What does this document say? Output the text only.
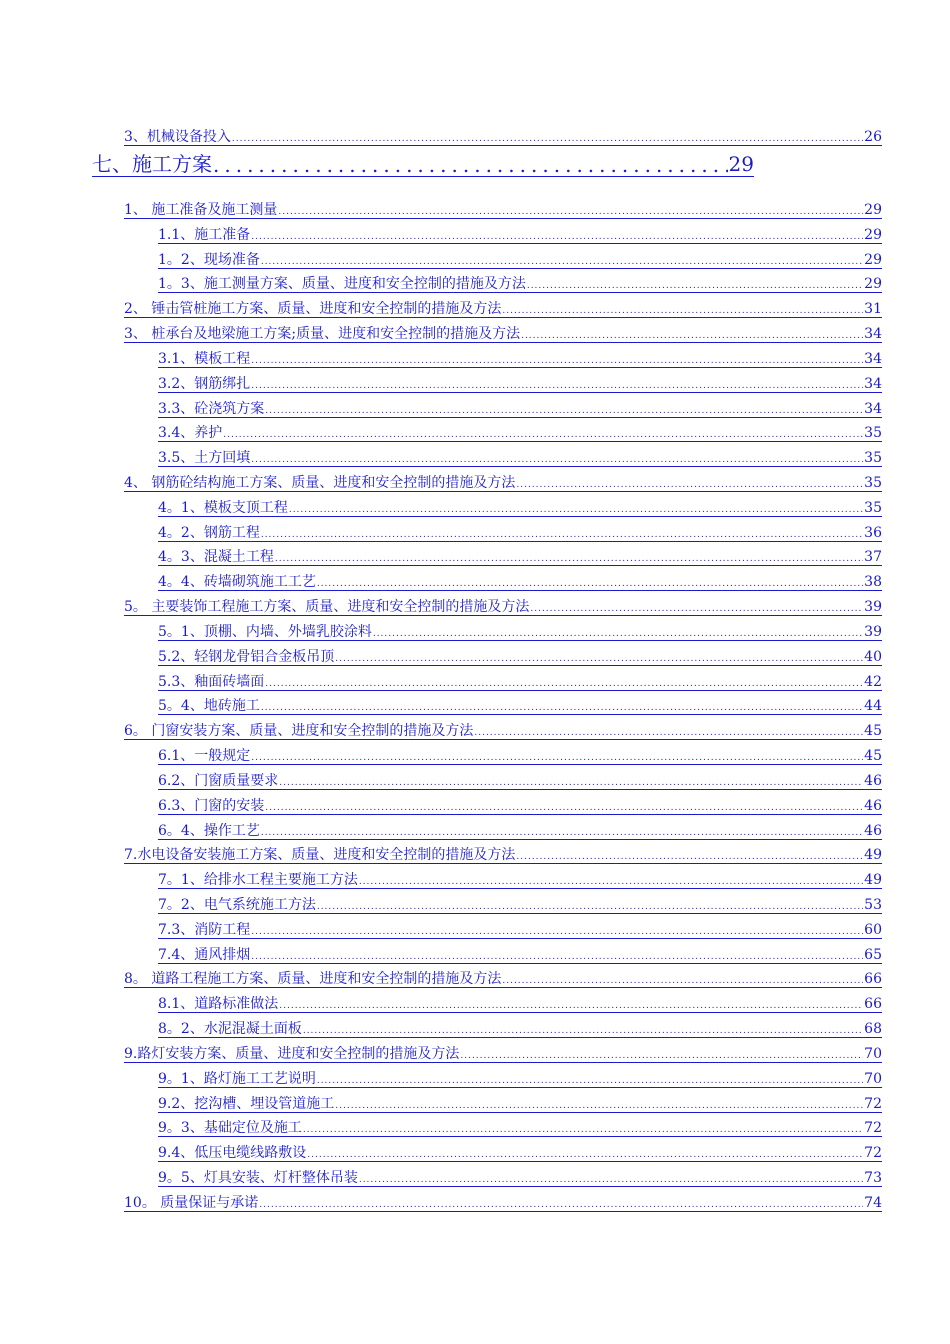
3、机械设备投入 .....	26
七、施工方案 .....	29
1、 施工准备及施工测量 .....	29
1.1、施工准备 .....	29
1。2、现场准备 .....	29
1。3、施工测量方案、质量、进度和安全控制的措施及方法 .....	29
2、 锤击管桩施工方案、质量、进度和安全控制的措施及方法 .....	31
3、 桩承台及地梁施工方案;质量、进度和安全控制的措施及方法 .....	34
3.1、模板工程 .....	34
3.2、钢筋绑扎 .....	34
3.3、砼浇筑方案 .....	34
3.4、养护 .....	35
3.5、土方回填 .....	35
4、 钢筋砼结构施工方案、质量、进度和安全控制的措施及方法 .....	35
4。1、模板支顶工程 .....	35
4。2、钢筋工程 .....	36
4。3、混凝土工程 .....	37
4。4、砖墙砌筑施工工艺 .....	38
5。 主要装饰工程施工方案、质量、进度和安全控制的措施及方法 .....	39
5。1、顶棚、内墙、外墙乳胶涂料 .....	39
5.2、轻钢龙骨铝合金板吊顶 .....	40
5.3、釉面砖墙面 .....	42
5。4、地砖施工 .....	44
6。 门窗安装方案、质量、进度和安全控制的措施及方法 .....	45
6.1、一般规定 .....	45
6.2、门窗质量要求 .....	46
6.3、门窗的安装 .....	46
6。4、操作工艺 .....	46
7.水电设备安装施工方案、质量、进度和安全控制的措施及方法 .....	49
7。1、给排水工程主要施工方法 .....	49
7。2、电气系统施工方法 .....	53
7.3、消防工程 .....	60
7.4、通风排烟 .....	65
8。 道路工程施工方案、质量、进度和安全控制的措施及方法 .....	66
8.1、道路标准做法 .....	66
8。2、水泥混凝土面板 .....	68
9.路灯安装方案、质量、进度和安全控制的措施及方法 .....	70
9。1、路灯施工工艺说明 .....	70
9.2、挖沟槽、埋设管道施工 .....	72
9。3、基础定位及施工 .....	72
9.4、低压电缆线路敷设 .....	72
9。5、灯具安装、灯杆整体吊装 .....	73
10。 质量保证与承诺 .....	74
